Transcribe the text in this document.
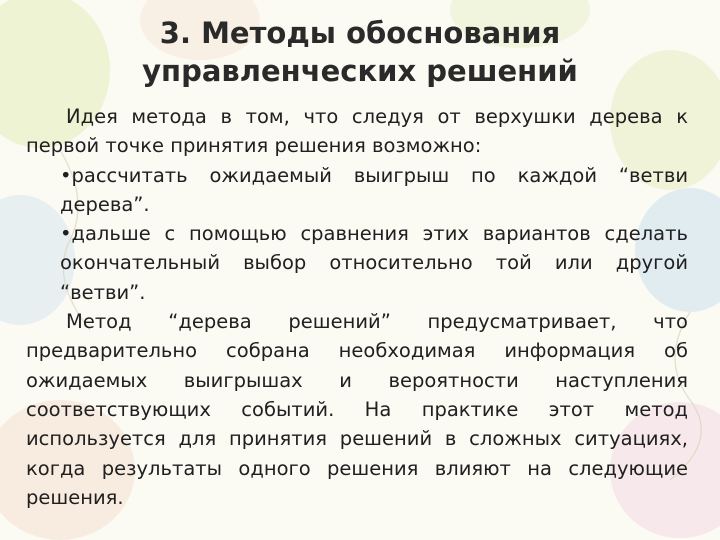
3. Методы обоснования
управленческих решений

Идея метода в том, что следуя от верхушки дерева к первой точке принятия решения возможно:

•рассчитать ожидаемый выигрыш по каждой “ветви дерева”.

•дальше с помощью сравнения этих вариантов сделать окончательный выбор относительно той или другой “ветви”.

Метод “дерева решений” предусматривает, что предварительно собрана необходимая информация об ожидаемых выигрышах и вероятности наступления соответствующих событий. На практике этот метод используется для принятия решений в сложных ситуациях, когда результаты одного решения влияют на следующие решения.
